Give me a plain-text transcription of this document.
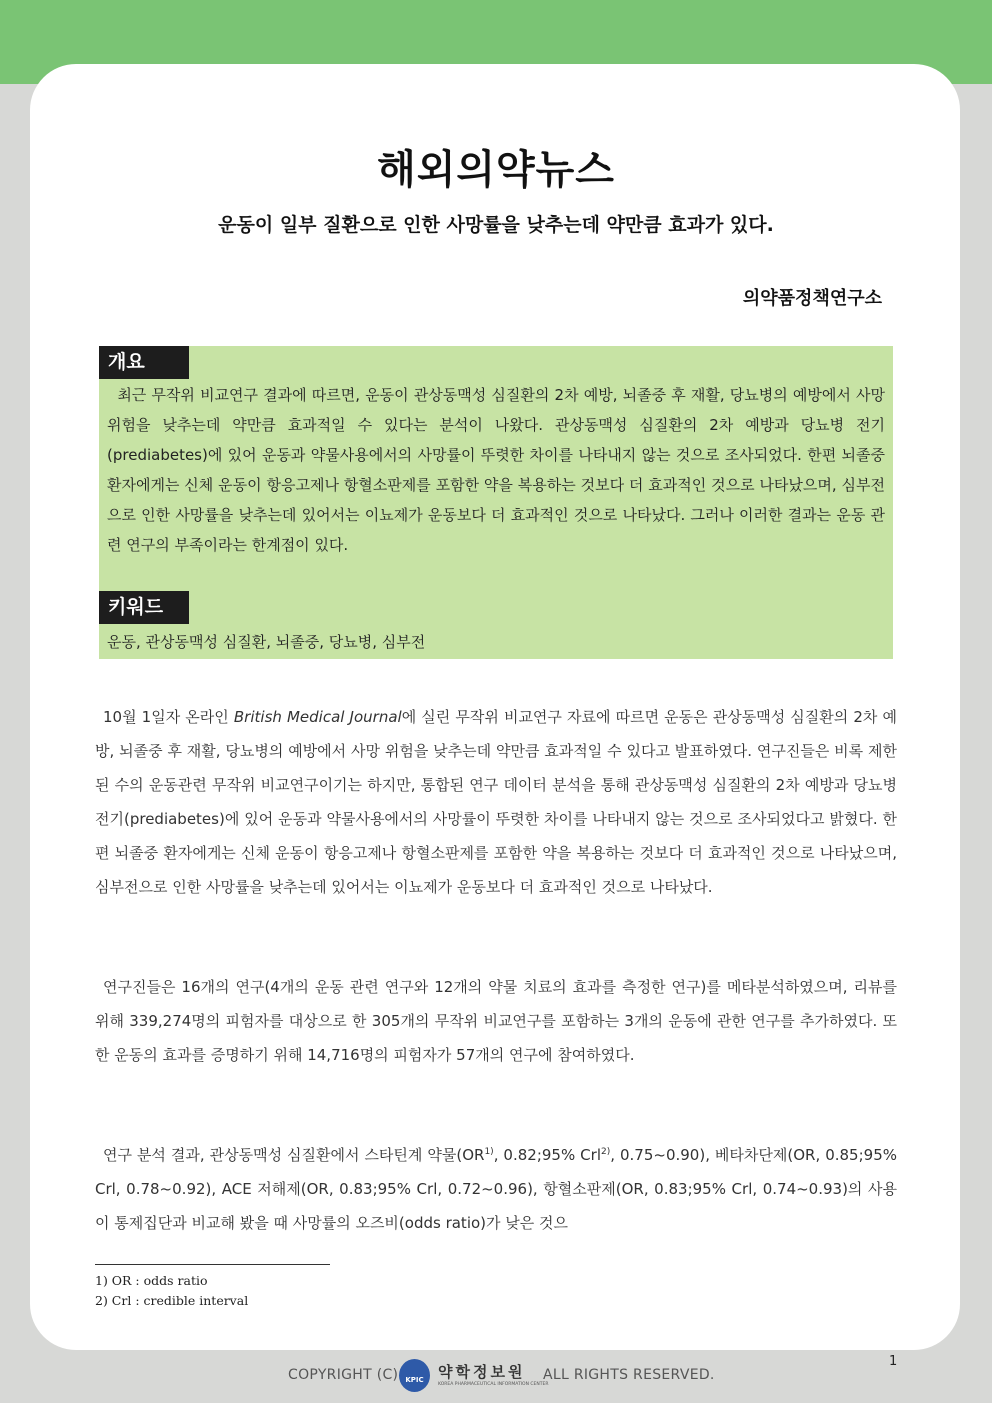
해외의약뉴스
운동이 일부 질환으로 인한 사망률을 낮추는데 약만큼 효과가 있다.
의약품정책연구소
개요
최근 무작위 비교연구 결과에 따르면, 운동이 관상동맥성 심질환의 2차 예방, 뇌졸중 후 재활, 당뇨병의 예방에서 사망 위험을 낮추는데 약만큼 효과적일 수 있다는 분석이 나왔다. 관상동맥성 심질환의 2차 예방과 당뇨병 전기(prediabetes)에 있어 운동과 약물사용에서의 사망률이 뚜렷한 차이를 나타내지 않는 것으로 조사되었다. 한편 뇌졸중 환자에게는 신체 운동이 항응고제나 항혈소판제를 포함한 약을 복용하는 것보다 더 효과적인 것으로 나타났으며, 심부전으로 인한 사망률을 낮추는데 있어서는 이뇨제가 운동보다 더 효과적인 것으로 나타났다. 그러나 이러한 결과는 운동 관련 연구의 부족이라는 한계점이 있다.
키워드
운동, 관상동맥성 심질환, 뇌졸중, 당뇨병, 심부전
10월 1일자 온라인 British Medical Journal에 실린 무작위 비교연구 자료에 따르면 운동은 관상동맥성 심질환의 2차 예방, 뇌졸중 후 재활, 당뇨병의 예방에서 사망 위험을 낮추는데 약만큼 효과적일 수 있다고 발표하였다. 연구진들은 비록 제한된 수의 운동관련 무작위 비교연구이기는 하지만, 통합된 연구 데이터 분석을 통해 관상동맥성 심질환의 2차 예방과 당뇨병 전기(prediabetes)에 있어 운동과 약물사용에서의 사망률이 뚜렷한 차이를 나타내지 않는 것으로 조사되었다고 밝혔다. 한편 뇌졸중 환자에게는 신체 운동이 항응고제나 항혈소판제를 포함한 약을 복용하는 것보다 더 효과적인 것으로 나타났으며, 심부전으로 인한 사망률을 낮추는데 있어서는 이뇨제가 운동보다 더 효과적인 것으로 나타났다.
연구진들은 16개의 연구(4개의 운동 관련 연구와 12개의 약물 치료의 효과를 측정한 연구)를 메타분석하였으며, 리뷰를 위해 339,274명의 피험자를 대상으로 한 305개의 무작위 비교연구를 포함하는 3개의 운동에 관한 연구를 추가하였다. 또한 운동의 효과를 증명하기 위해 14,716명의 피험자가 57개의 연구에 참여하였다.
연구 분석 결과, 관상동맥성 심질환에서 스타틴계 약물(OR$^{1)}$, 0.82;95% Crl$^{2)}$, 0.75~0.90), 베타차단제(OR, 0.85;95% Crl, 0.78~0.92), ACE 저해제(OR, 0.83;95% Crl, 0.72~0.96), 항혈소판제(OR, 0.83;95% Crl, 0.74~0.93)의 사용이 통제집단과 비교해 봤을 때 사망률의 오즈비(odds ratio)가 낮은 것으
1) OR : odds ratio
2) Crl : credible interval
1
COPYRIGHT (C)	KPIC 약학정보원
KOREA PHARMACEUTICAL INFORMATION CENTER
ALL RIGHTS RESERVED.
